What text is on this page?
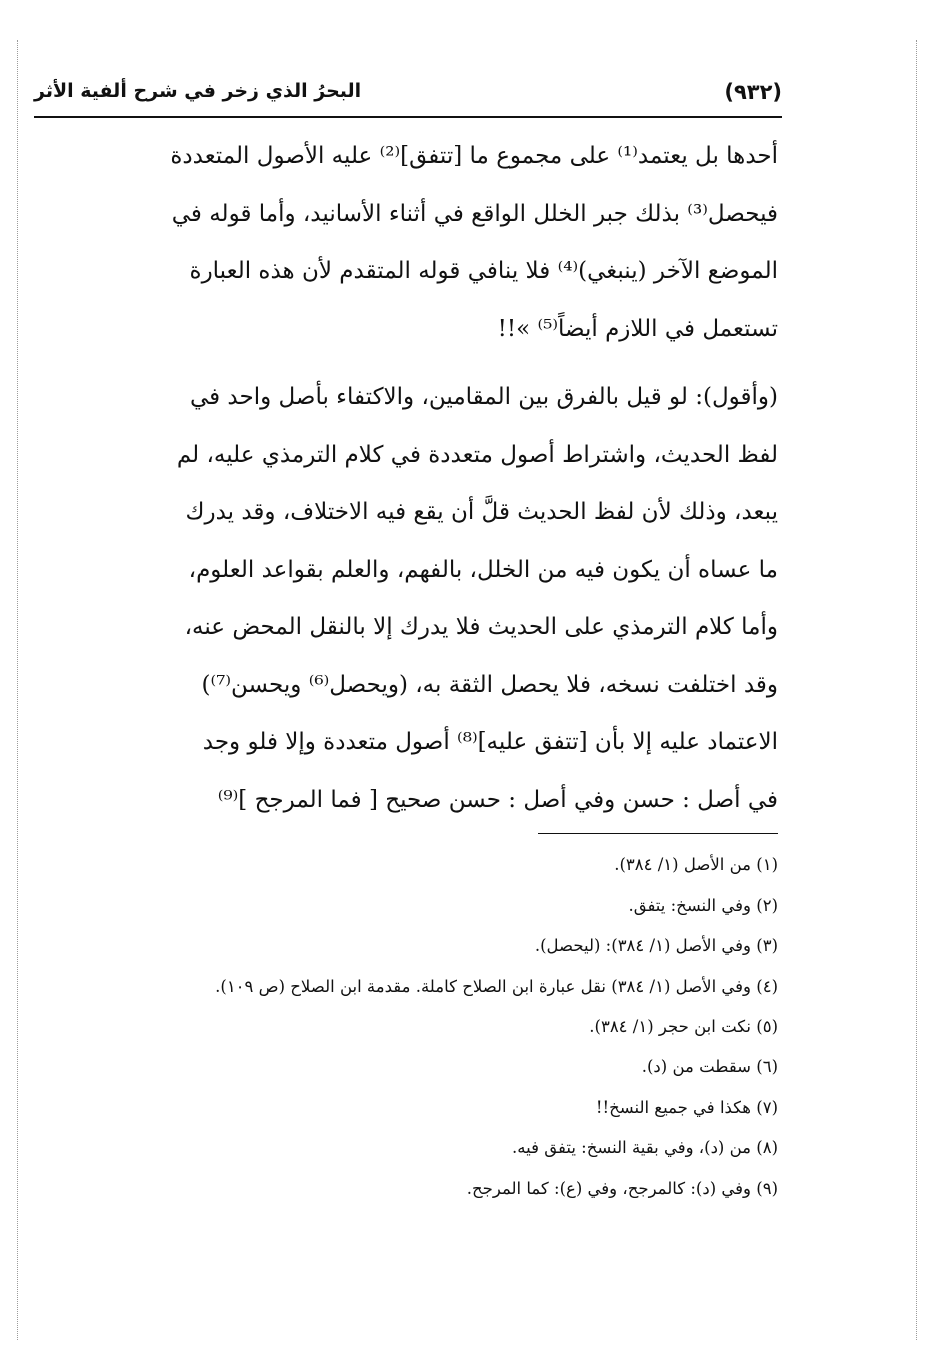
البحرُ الذي زخر في شرح ألفية الأثر	(٩٣٢)
أحدها بل يعتمد⁽¹⁾ على مجموع ما [تتفق]⁽²⁾ عليه الأصول المتعددة
فيحصل⁽³⁾ بذلك جبر الخلل الواقع في أثناء الأسانيد، وأما قوله في
الموضع الآخر (ينبغي)⁽⁴⁾ فلا ينافي قوله المتقدم لأن هذه العبارة
تستعمل في اللازم أيضاً⁽⁵⁾ »!!
(وأقول): لو قيل بالفرق بين المقامين، والاكتفاء بأصل واحد في
لفظ الحديث، واشتراط أصول متعددة في كلام الترمذي عليه، لم
يبعد، وذلك لأن لفظ الحديث قلَّ أن يقع فيه الاختلاف، وقد يدرك
ما عساه أن يكون فيه من الخلل، بالفهم، والعلم بقواعد العلوم،
وأما كلام الترمذي على الحديث فلا يدرك إلا بالنقل المحض عنه،
وقد اختلفت نسخه، فلا يحصل الثقة به، (ويحصل⁽⁶⁾ ويحسن⁽⁷⁾)
الاعتماد عليه إلا بأن [تتفق عليه]⁽⁸⁾ أصول متعددة وإلا فلو وجد
في أصل : حسن وفي أصل : حسن صحيح [ فما المرجح ]⁽⁹⁾
(١) من الأصل (١/ ٣٨٤).
(٢) وفي النسخ: يتفق.
(٣) وفي الأصل (١/ ٣٨٤): (ليحصل).
(٤) وفي الأصل (١/ ٣٨٤) نقل عبارة ابن الصلاح كاملة. مقدمة ابن الصلاح (ص ١٠٩).
(٥) نكت ابن حجر (١/ ٣٨٤).
(٦) سقطت من (د).
(٧) هكذا في جميع النسخ!!
(٨) من (د)، وفي بقية النسخ: يتفق فيه.
(٩) وفي (د): كالمرجح، وفي (ع): كما المرجح.
